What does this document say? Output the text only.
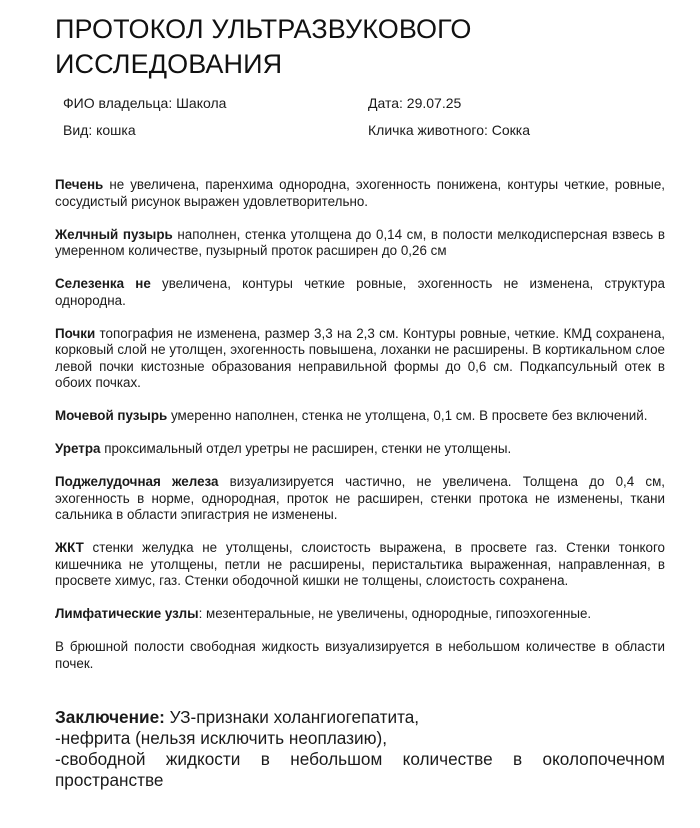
ПРОТОКОЛ УЛЬТРАЗВУКОВОГО
ИССЛЕДОВАНИЯ
ФИО владельца: Шакола	Дата: 29.07.25
Вид: кошка	Кличка животного: Сокка

Печень не увеличена, паренхима однородна, эхогенность понижена, контуры четкие, ровные, сосудистый рисунок выражен удовлетворительно.

Желчный пузырь наполнен, стенка утолщена до 0,14 см, в полости мелкодисперсная взвесь в умеренном количестве, пузырный проток расширен до 0,26 см

Селезенка не увеличена, контуры четкие ровные, эхогенность не изменена, структура однородна.

Почки топография не изменена, размер 3,3 на 2,3 см. Контуры ровные, четкие. КМД сохранена, корковый слой не утолщен, эхогенность повышена, лоханки не расширены. В кортикальном слое левой почки кистозные образования неправильной формы до 0,6 см. Подкапсульный отек в обоих почках.

Мочевой пузырь умеренно наполнен, стенка не утолщена, 0,1 см. В просвете без включений.

Уретра проксимальный отдел уретры не расширен, стенки не утолщены.

Поджелудочная железа визуализируется частично, не увеличена. Толщена до 0,4 см, эхогенность в норме, однородная, проток не расширен, стенки протока не изменены, ткани сальника в области эпигастрия не изменены.

ЖКТ стенки желудка не утолщены, слоистость выражена, в просвете газ. Стенки тонкого кишечника не утолщены, петли не расширены, перистальтика выраженная, направленная, в просвете химус, газ. Стенки ободочной кишки не толщены, слоистость сохранена.

Лимфатические узлы: мезентеральные, не увеличены, однородные, гипоэхогенные.

В брюшной полости свободная жидкость визуализируется в небольшом количестве в области почек.

Заключение: УЗ-признаки холангиогепатита,
-нефрита (нельзя исключить неоплазию),
-свободной жидкости в небольшом количестве в околопочечном пространстве
